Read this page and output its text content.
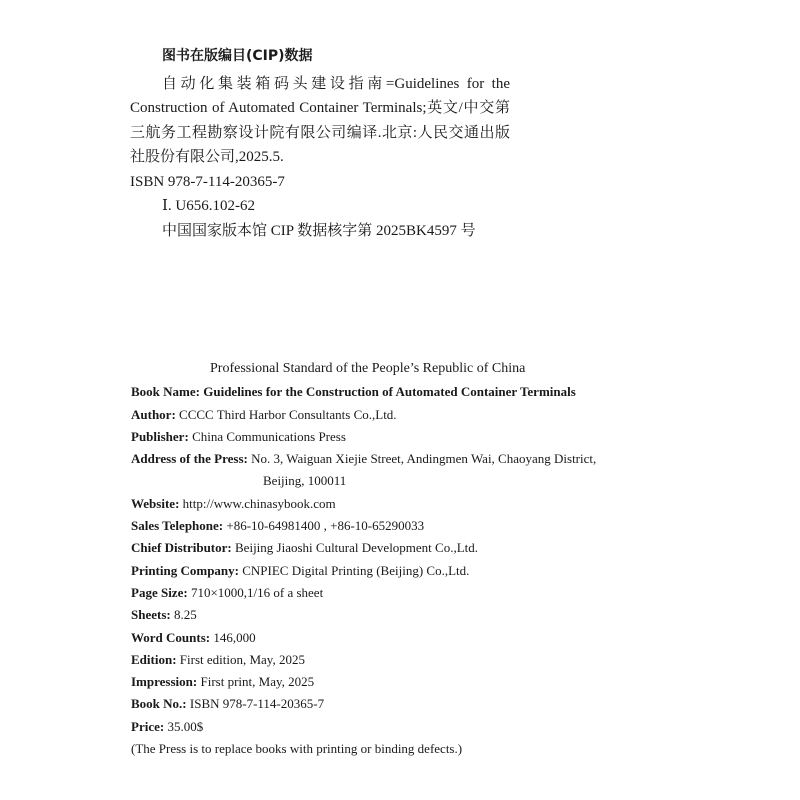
图书在版编目(CIP)数据
自动化集装箱码头建设指南=Guidelines for the Construction of Automated Container Terminals;英文/中交第三航务工程勘察设计院有限公司编译.北京:人民交通出版社股份有限公司,2025.5.
ISBN 978-7-114-20365-7
Ⅰ. U656.102-62
中国国家版本馆 CIP 数据核字第 2025BK4597 号
Professional Standard of the People’s Republic of China
Book Name: Guidelines for the Construction of Automated Container Terminals
Author: CCCC Third Harbor Consultants Co.,Ltd.
Publisher: China Communications Press
Address of the Press: No. 3, Waiguan Xiejie Street, Andingmen Wai, Chaoyang District,
Beijing, 100011
Website: http://www.chinasybook.com
Sales Telephone: +86-10-64981400 , +86-10-65290033
Chief Distributor: Beijing Jiaoshi Cultural Development Co.,Ltd.
Printing Company: CNPIEC Digital Printing (Beijing) Co.,Ltd.
Page Size: 710×1000,1/16 of a sheet
Sheets: 8.25
Word Counts: 146,000
Edition: First edition, May, 2025
Impression: First print, May, 2025
Book No.: ISBN 978-7-114-20365-7
Price: 35.00$
(The Press is to replace books with printing or binding defects.)
